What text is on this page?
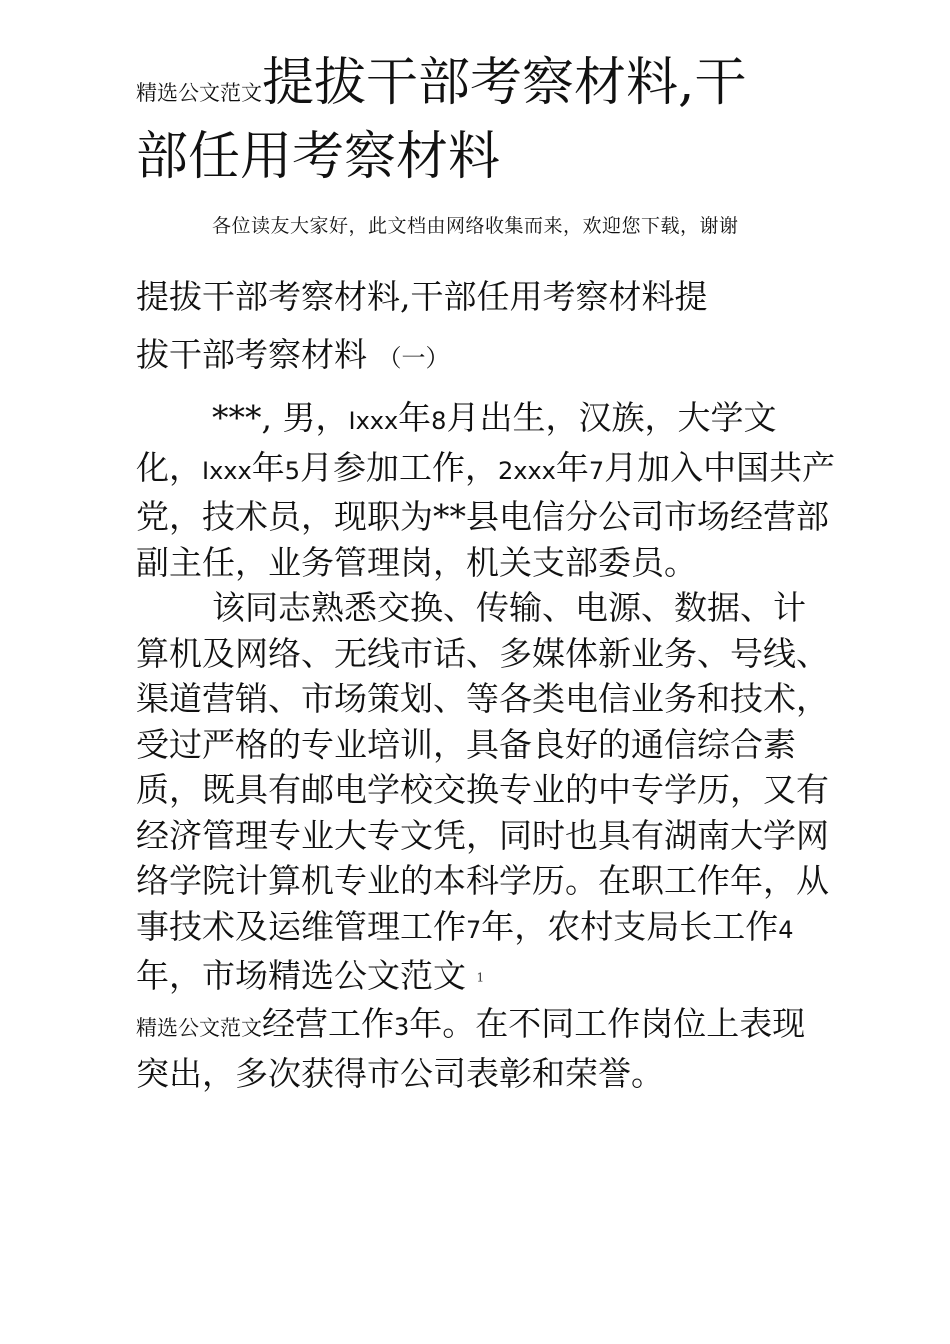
精选公文范文提拔干部考察材料,干
部任用考察材料
各位读友大家好，此文档由网络收集而来，欢迎您下载，谢谢
提拔干部考察材料,干部任用考察材料提
拔干部考察材料 （一）

***, 男，Ixxx年8月出生，汉族，大学文化，Ixxx年5月参加工作，2xxx年7月加入中国共产党，技术员，现职为**县电信分公司市场经营部副主任，业务管理岗，机关支部委员。

该同志熟悉交换、传输、电源、数据、计算机及网络、无线市话、多媒体新业务、号线、渠道营销、市场策划、等各类电信业务和技术，受过严格的专业培训，具备良好的通信综合素质，既具有邮电学校交换专业的中专学历，又有经济管理专业大专文凭，同时也具有湖南大学网络学院计算机专业的本科学历。在职工作年，从事技术及运维管理工作7年，农村支局长工作4年，市场精选公文范文 1
精选公文范文经营工作3年。在不同工作岗位上表现突出，多次获得市公司表彰和荣誉。
